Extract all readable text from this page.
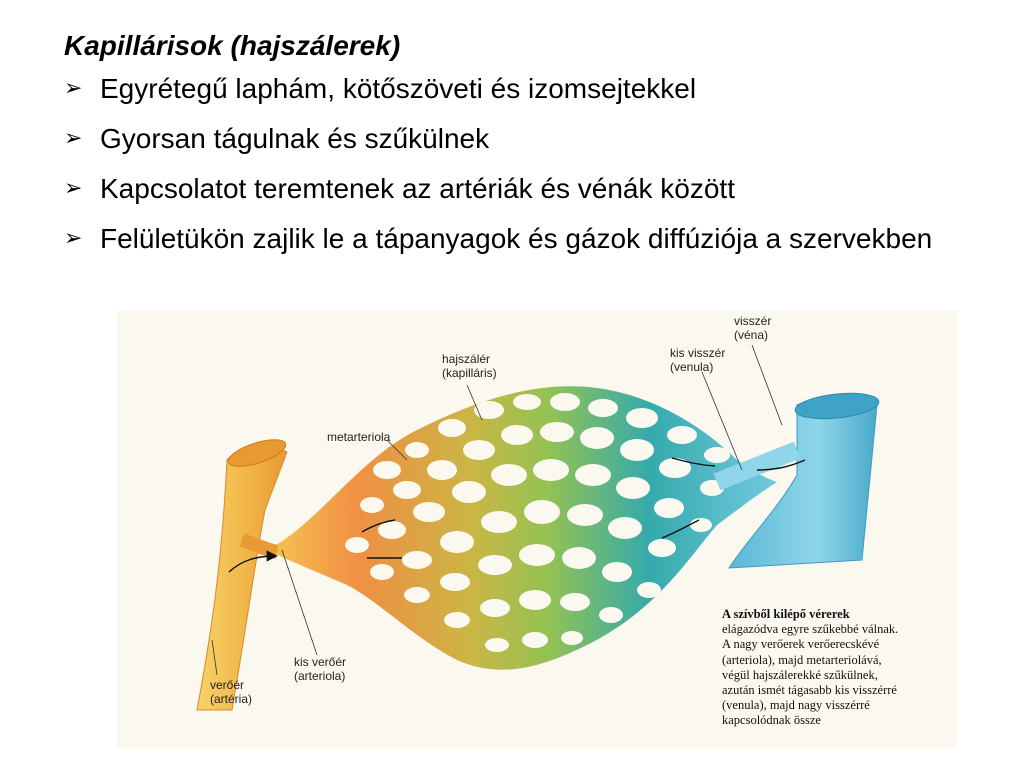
Kapillárisok (hajszálerek)
➢ Egyrétegű laphám, kötőszöveti és izomsejtekkel
➢ Gyorsan tágulnak és szűkülnek
➢ Kapcsolatot teremtenek az artériák és vénák között
➢ Felületükön zajlik le a tápanyagok és gázok diffúziója a szervekben
hajszálér
(kapilláris)
metarteriola
visszér
(véna)
kis visszér
(venula)
kis verőér
(arteriola)
verőér
(artéria)
A szívből kilépő vérerek
elágazódva egyre szűkebbé válnak.
A nagy verőerek verőerecskévé
(arteriola), majd metarteriolává,
végül hajszálerekké szűkülnek,
azután ismét tágasabb kis visszérré
(venula), majd nagy visszérré
kapcsolódnak össze
